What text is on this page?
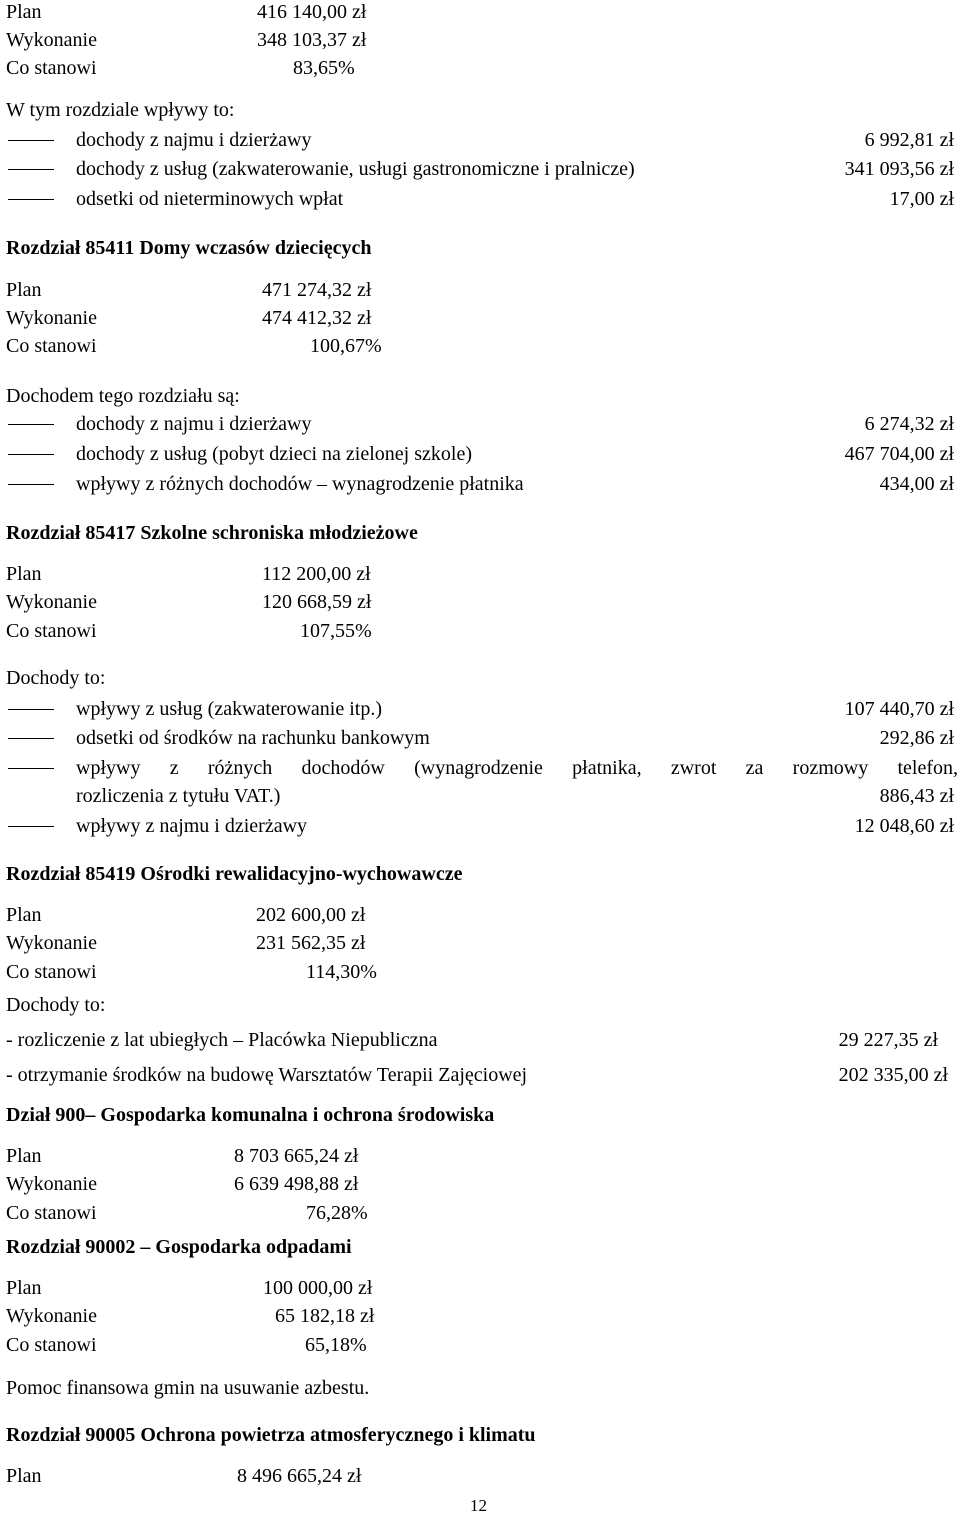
Plan	416 140,00 zł
Wykonanie	348 103,37 zł
Co stanowi	83,65%
W tym rozdziale wpływy to:
dochody z najmu i dzierżawy	6 992,81 zł
dochody z usług (zakwaterowanie, usługi gastronomiczne i pralnicze)	341 093,56 zł
odsetki od nieterminowych wpłat	17,00 zł
Rozdział 85411 Domy wczasów dziecięcych
Plan	471 274,32 zł
Wykonanie	474 412,32 zł
Co stanowi	100,67%
Dochodem tego rozdziału są:
dochody z najmu i dzierżawy	6 274,32 zł
dochody z usług (pobyt dzieci na zielonej szkole)	467 704,00 zł
wpływy z różnych dochodów – wynagrodzenie płatnika	434,00 zł
Rozdział 85417 Szkolne schroniska młodzieżowe
Plan	112 200,00 zł
Wykonanie	120 668,59 zł
Co stanowi	107,55%
Dochody to:
wpływy z usług (zakwaterowanie itp.)	107 440,70 zł
odsetki od środków na rachunku bankowym	292,86 zł
wpływy z różnych dochodów (wynagrodzenie płatnika, zwrot za rozmowy telefon,
rozliczenia z tytułu VAT.)	886,43 zł
wpływy z najmu i dzierżawy	12 048,60 zł
Rozdział 85419 Ośrodki rewalidacyjno-wychowawcze
Plan	202 600,00 zł
Wykonanie	231 562,35 zł
Co stanowi	114,30%
Dochody to:
- rozliczenie z lat ubiegłych – Placówka Niepubliczna	29 227,35 zł
- otrzymanie środków na budowę Warsztatów Terapii Zajęciowej	202 335,00 zł
Dział 900– Gospodarka komunalna i ochrona środowiska
Plan	8 703 665,24 zł
Wykonanie	6 639 498,88 zł
Co stanowi	76,28%
Rozdział 90002 – Gospodarka odpadami
Plan	100 000,00 zł
Wykonanie	65 182,18 zł
Co stanowi	65,18%
Pomoc finansowa gmin na usuwanie azbestu.
Rozdział 90005 Ochrona powietrza atmosferycznego i klimatu
Plan	8 496 665,24 zł
12
